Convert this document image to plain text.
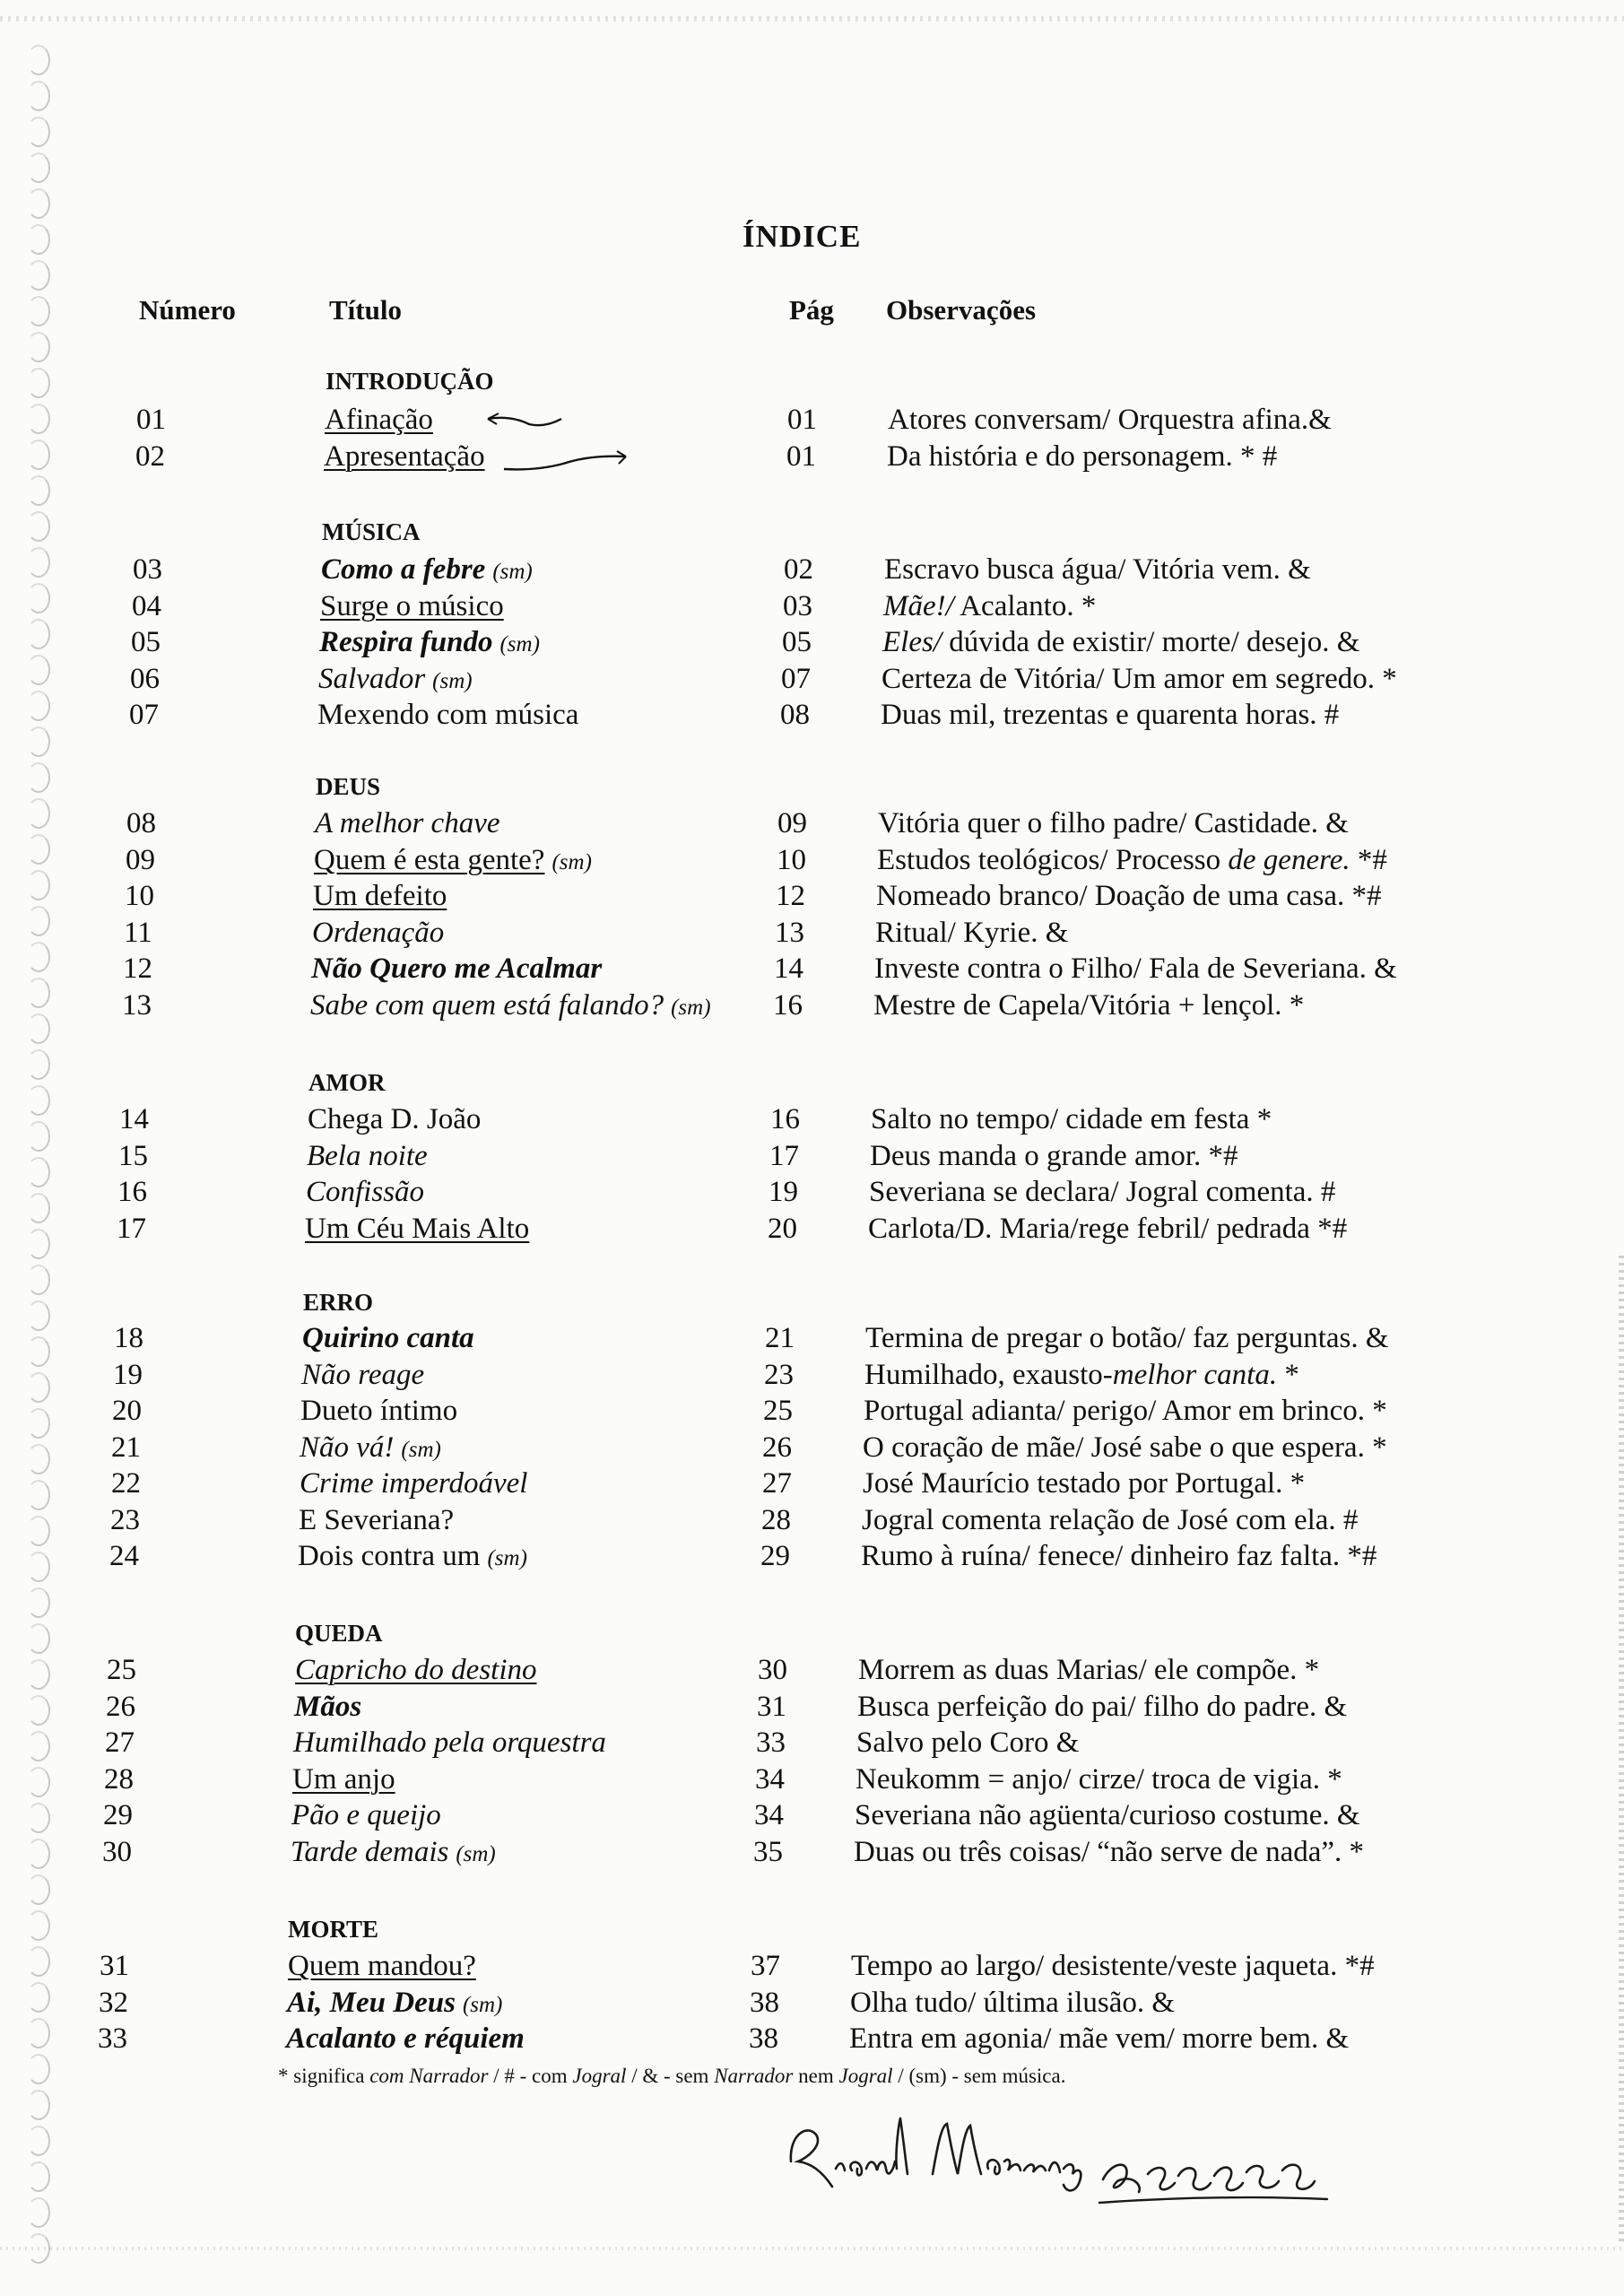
ÍNDICE
Número	Título	Pág Observações
INTRODUÇÃO
01	Afinação	01 Atores conversam/ Orquestra afina.&
02	Apresentação	01 Da história e do personagem. * #
MÚSICA
03	Como a febre (sm)	02 Escravo busca água/ Vitória vem. &
04	Surge o músico	03 Mãe!/ Acalanto. *
05	Respira fundo (sm)	05 Eles/ dúvida de existir/ morte/ desejo. &
06	Salvador (sm)	07 Certeza de Vitória/ Um amor em segredo. *
07	Mexendo com música	08 Duas mil, trezentas e quarenta horas. #
DEUS
08	A melhor chave	09 Vitória quer o filho padre/ Castidade. &
09	Quem é esta gente? (sm)	10 Estudos teológicos/ Processo de genere. *#
10	Um defeito	12 Nomeado branco/ Doação de uma casa. *#
11	Ordenação	13 Ritual/ Kyrie. &
12	Não Quero me Acalmar	14 Investe contra o Filho/ Fala de Severiana. &
13	Sabe com quem está falando? (sm) 16 Mestre de Capela/Vitória + lençol. *
AMOR
14	Chega D. João	16 Salto no tempo/ cidade em festa *
15	Bela noite	17 Deus manda o grande amor. *#
16	Confissão	19 Severiana se declara/ Jogral comenta. #
17	Um Céu Mais Alto	20 Carlota/D. Maria/rege febril/ pedrada *#
ERRO
18	Quirino canta	21 Termina de pregar o botão/ faz perguntas. &
19	Não reage	23 Humilhado, exausto-melhor canta. *
20	Dueto íntimo	25 Portugal adianta/ perigo/ Amor em brinco. *
21	Não vá! (sm)	26 O coração de mãe/ José sabe o que espera. *
22	Crime imperdoável	27 José Maurício testado por Portugal. *
23	E Severiana?	28 Jogral comenta relação de José com ela. #
24	Dois contra um (sm)	29 Rumo à ruína/ fenece/ dinheiro faz falta. *#
QUEDA
25	Capricho do destino	30 Morrem as duas Marias/ ele compõe. *
26	Mãos	31 Busca perfeição do pai/ filho do padre. &
27	Humilhado pela orquestra	33 Salvo pelo Coro &
28	Um anjo	34 Neukomm = anjo/ cirze/ troca de vigia. *
29	Pão e queijo	34 Severiana não agüenta/curioso costume. &
30	Tarde demais (sm)	35 Duas ou três coisas/ “não serve de nada”. *
MORTE
31	Quem mandou?	37 Tempo ao largo/ desistente/veste jaqueta. *#
32	Ai, Meu Deus (sm)	38 Olha tudo/ última ilusão. &
33	Acalanto e réquiem	38 Entra em agonia/ mãe vem/ morre bem. &
* significa com Narrador / # - com Jogral / & - sem Narrador nem Jogral / (sm) - sem música.
Ricardo Moreira	25032553
